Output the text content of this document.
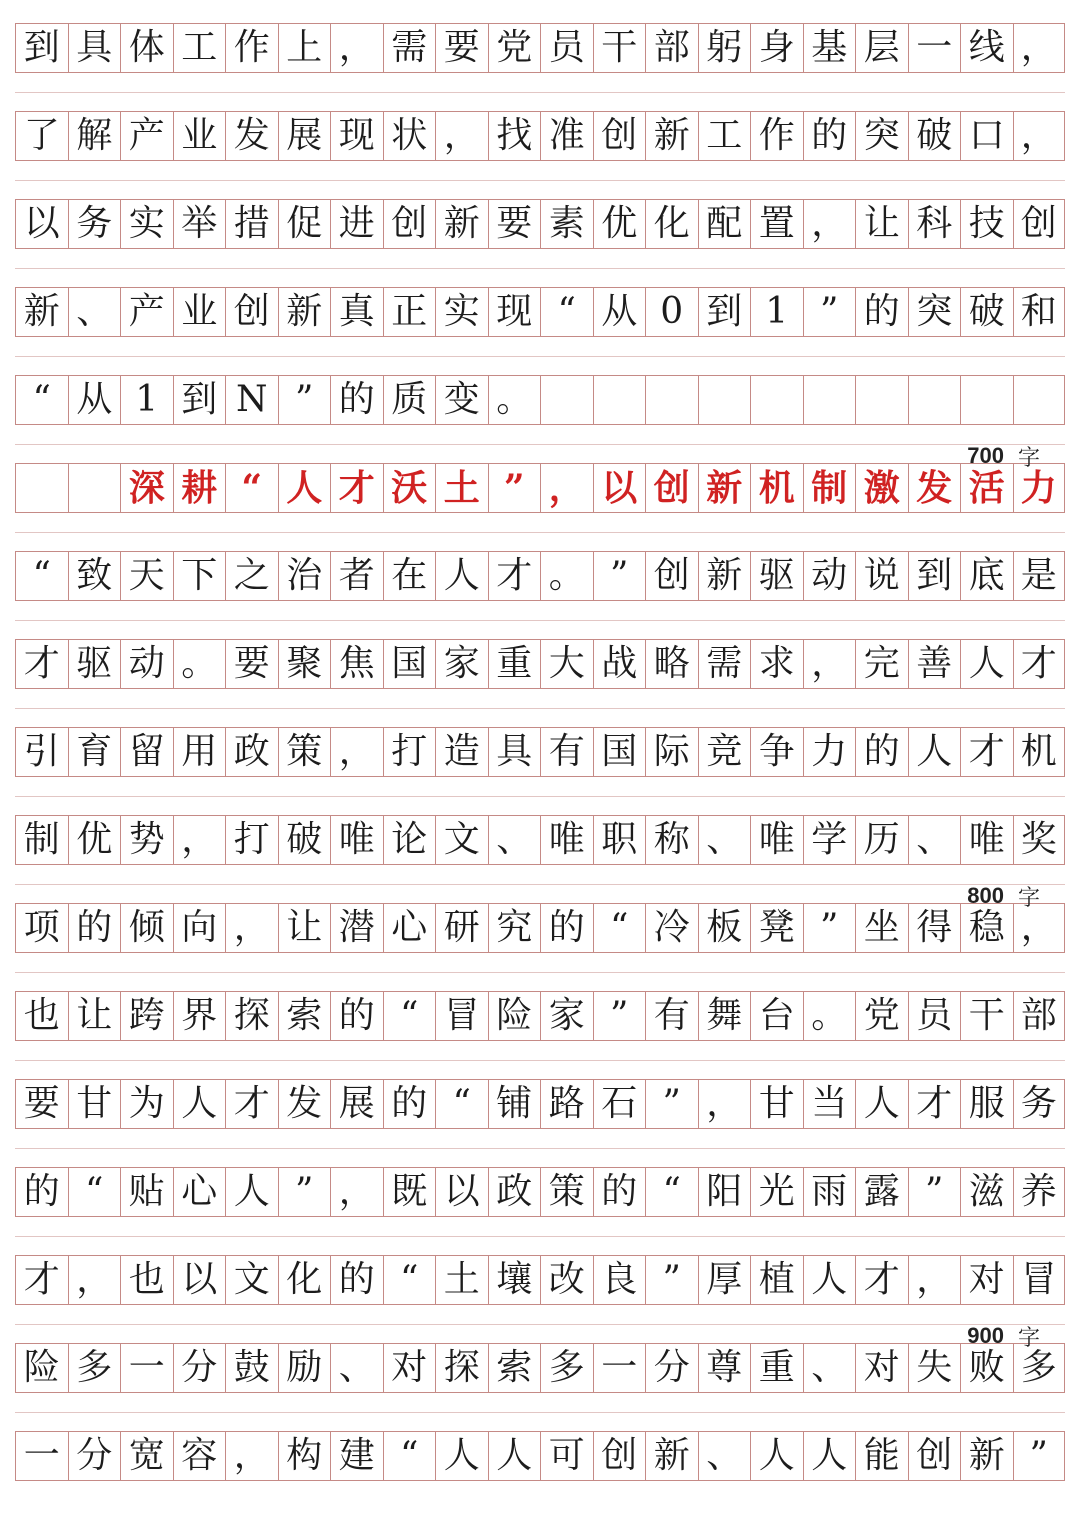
到 具 体 工 作 上 ， 需 要 党 员 干 部 躬 身 基 层 一 线 ，
了 解 产 业 发 展 现 状 ， 找 准 创 新 工 作 的 突 破 口 ，
以 务 实 举 措 促 进 创 新 要 素 优 化 配 置 ， 让 科 技 创
新 、 产 业 创 新 真 正 实 现 “ 从 0 到 1 ” 的 突 破 和
“ 从 1 到 N ” 的 质 变 。
深 耕 “ 人 才 沃 土 ” ， 以 创 新 机 制 激 发 活 力
“ 致 天 下 之 治 者 在 人 才 。 ” 创 新 驱 动 说 到 底 是
才 驱 动 。 要 聚 焦 国 家 重 大 战 略 需 求 ， 完 善 人 才
引 育 留 用 政 策 ， 打 造 具 有 国 际 竞 争 力 的 人 才 机
制 优 势 ， 打 破 唯 论 文 、 唯 职 称 、 唯 学 历 、 唯 奖
项 的 倾 向 ， 让 潜 心 研 究 的 “ 冷 板 凳 ” 坐 得 稳 ，
也 让 跨 界 探 索 的 “ 冒 险 家 ” 有 舞 台 。 党 员 干 部
要 甘 为 人 才 发 展 的 “ 铺 路 石 ” ， 甘 当 人 才 服 务
的 “ 贴 心 人 ” ， 既 以 政 策 的 “ 阳 光 雨 露 ” 滋 养
才 ， 也 以 文 化 的 “ 土 壤 改 良 ” 厚 植 人 才 ， 对 冒
险 多 一 分 鼓 励 、 对 探 索 多 一 分 尊 重 、 对 失 败 多
一 分 宽 容 ， 构 建 “ 人 人 可 创 新 、 人 人 能 创 新 ”
700 字
800 字
900 字
